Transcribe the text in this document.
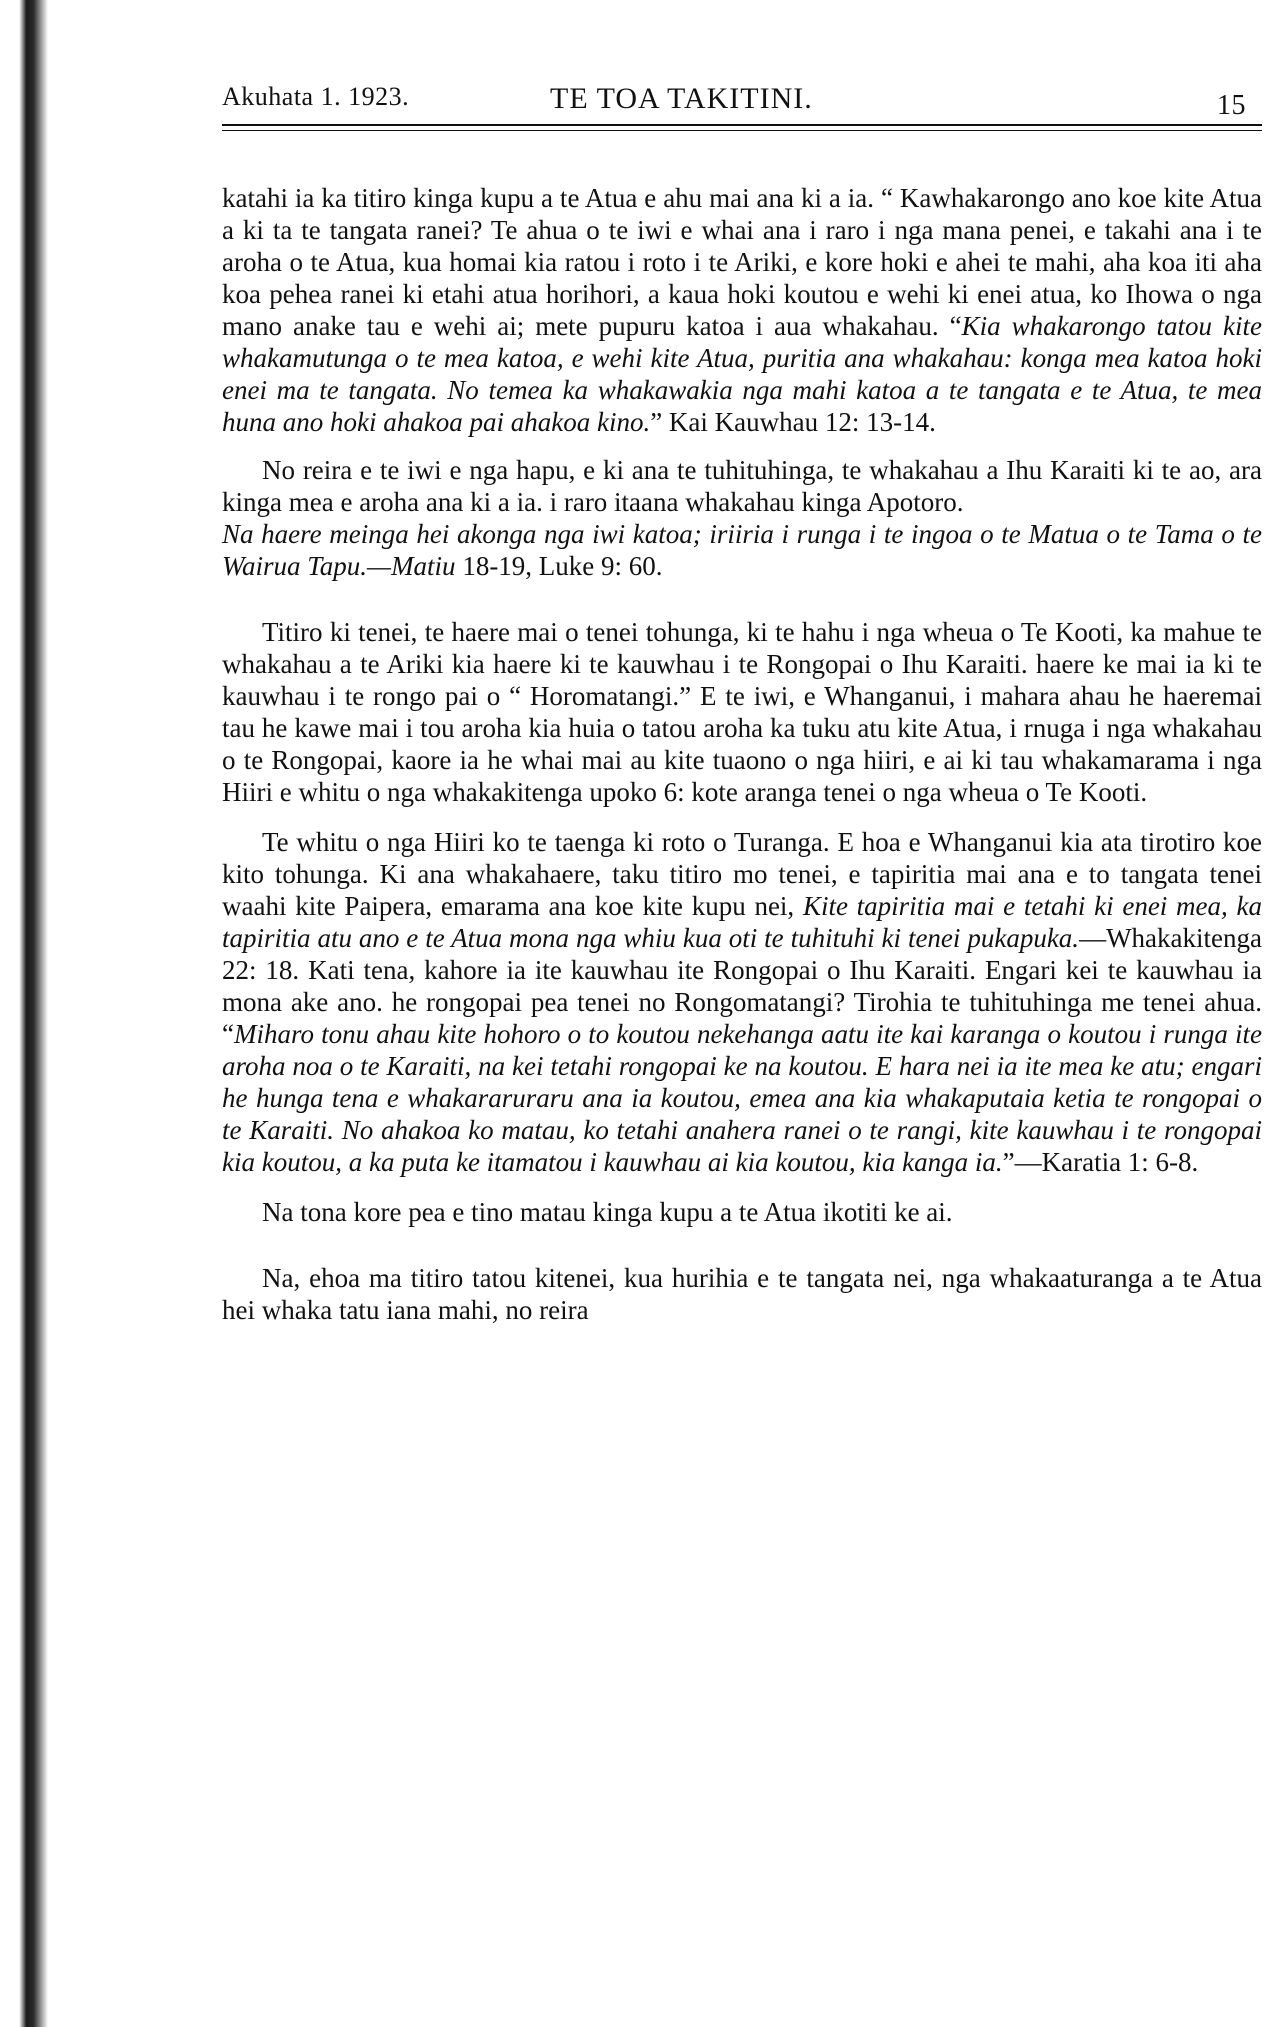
Akuhata 1. 1923.	TE TOA TAKITINI.	15

katahi ia ka titiro kinga kupu a te Atua e ahu mai ana ki a ia. “ Kawhakarongo ano koe kite Atua a ki ta te tangata ranei? Te ahua o te iwi e whai ana i raro i nga mana penei, e takahi ana i te aroha o te Atua, kua homai kia ratou i roto i te Ariki, e kore hoki e ahei te mahi, aha koa iti aha koa pehea ranei ki etahi atua horihori, a kaua hoki koutou e wehi ki enei atua, ko Ihowa o nga mano anake tau e wehi ai; mete pupuru katoa i aua whakahau. “Kia whakarongo tatou kite whakamutunga o te mea katoa, e wehi kite Atua, puritia ana whakahau: konga mea katoa hoki enei ma te tangata. No temea ka whakawakia nga mahi katoa a te tangata e te Atua, te mea huna ano hoki ahakoa pai ahakoa kino.” Kai Kauwhau 12: 13-14.

No reira e te iwi e nga hapu, e ki ana te tuhituhinga, te whakahau a Ihu Karaiti ki te ao, ara kinga mea e aroha ana ki a ia. i raro itaana whakahau kinga Apotoro.
Na haere meinga hei akonga nga iwi katoa; iriiria i runga i te ingoa o te Matua o te Tama o te Wairua Tapu.—Matiu 18-19, Luke 9: 60.

Titiro ki tenei, te haere mai o tenei tohunga, ki te hahu i nga wheua o Te Kooti, ka mahue te whakahau a te Ariki kia haere ki te kauwhau i te Rongopai o Ihu Karaiti. haere ke mai ia ki te kauwhau i te rongo pai o “ Horomatangi.” E te iwi, e Whanganui, i mahara ahau he haeremai tau he kawe mai i tou aroha kia huia o tatou aroha ka tuku atu kite Atua, i rnuga i nga whakahau o te Rongopai, kaore ia he whai mai au kite tuaono o nga hiiri, e ai ki tau whakamarama i nga Hiiri e whitu o nga whakakitenga upoko 6: kote aranga tenei o nga wheua o Te Kooti.

Te whitu o nga Hiiri ko te taenga ki roto o Turanga. E hoa e Whanganui kia ata tirotiro koe kito tohunga. Ki ana whakahaere, taku titiro mo tenei, e tapiritia mai ana e to tangata tenei waahi kite Paipera, emarama ana koe kite kupu nei, Kite tapiritia mai e tetahi ki enei mea, ka tapiritia atu ano e te Atua mona nga whiu kua oti te tuhituhi ki tenei pukapuka.—Whakakitenga 22: 18. Kati tena, kahore ia ite kauwhau ite Rongopai o Ihu Karaiti. Engari kei te kauwhau ia mona ake ano. he rongopai pea tenei no Rongomatangi? Tirohia te tuhituhinga me tenei ahua. “Miharo tonu ahau kite hohoro o to koutou nekehanga aatu ite kai karanga o koutou i runga ite aroha noa o te Karaiti, na kei tetahi rongopai ke na koutou. E hara nei ia ite mea ke atu; engari he hunga tena e whakararuraru ana ia koutou, emea ana kia whakaputaia ketia te rongopai o te Karaiti. No ahakoa ko matau, ko tetahi anahera ranei o te rangi, kite kauwhau i te rongopai kia koutou, a ka puta ke itamatou i kauwhau ai kia koutou, kia kanga ia.”—Karatia 1: 6-8.

Na tona kore pea e tino matau kinga kupu a te Atua ikotiti ke ai.

Na, ehoa ma titiro tatou kitenei, kua hurihia e te tangata nei, nga whakaaturanga a te Atua hei whaka tatu iana mahi, no reira
